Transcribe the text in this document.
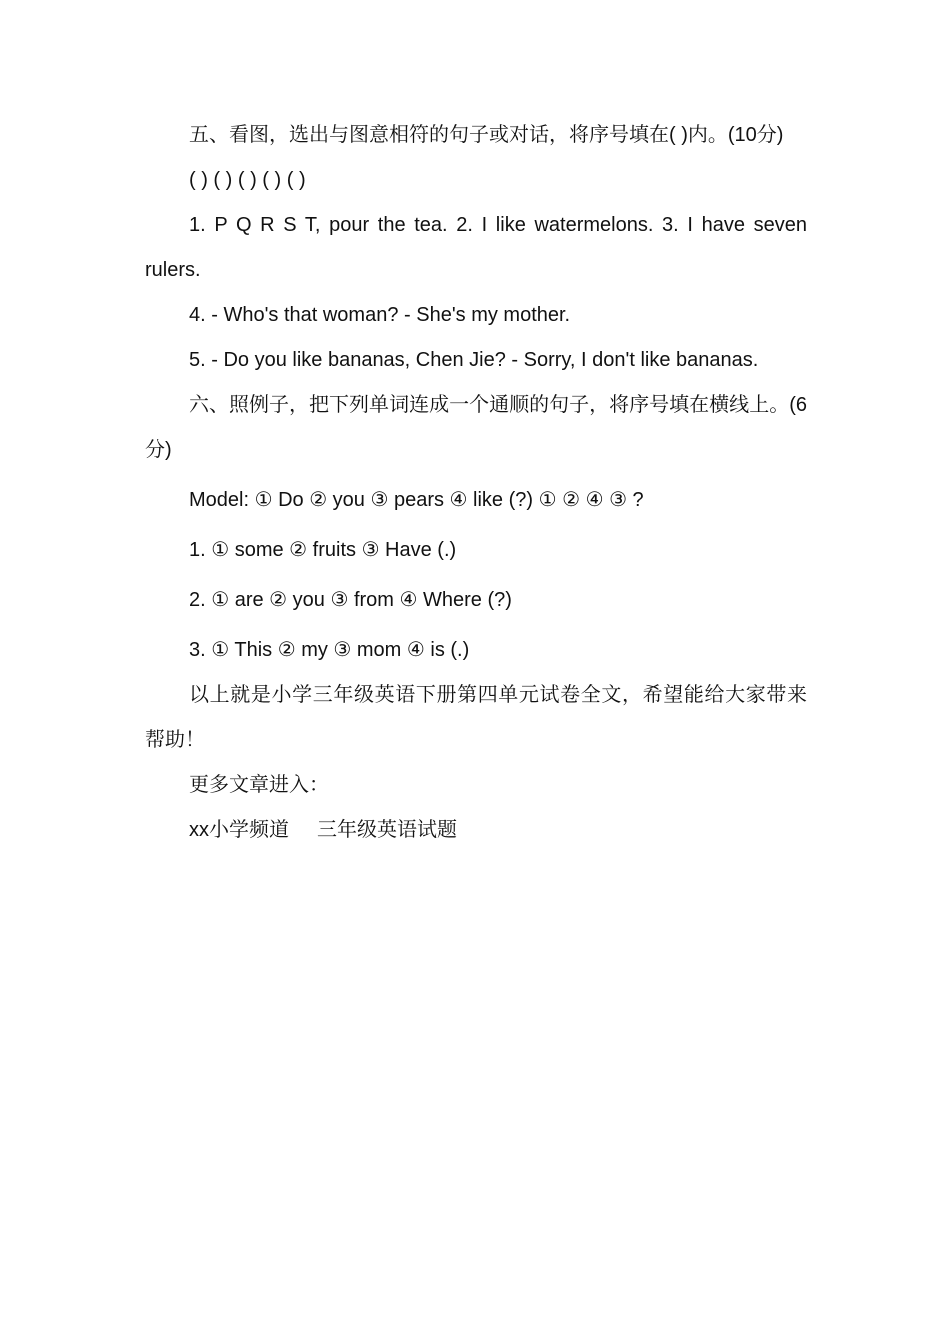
五、看图，选出与图意相符的句子或对话，将序号填在( )内。(10分)

( ) ( ) ( ) ( ) ( )

1. P Q R S T, pour the tea. 2. I like watermelons. 3. I have seven rulers.

4. - Who's that woman? - She's my mother.

5. - Do you like bananas, Chen Jie? - Sorry, I don't like bananas.

六、照例子，把下列单词连成一个通顺的句子，将序号填在横线上。(6分)

Model: ① Do ② you ③ pears ④ like (?) ① ② ④ ③ ?

1. ① some ② fruits ③ Have (.)

2. ① are ② you ③ from ④ Where (?)

3. ① This ② my ③ mom ④ is (.)

以上就是小学三年级英语下册第四单元试卷全文，希望能给大家带来帮助！

更多文章进入：

xx小学频道 三年级英语试题
